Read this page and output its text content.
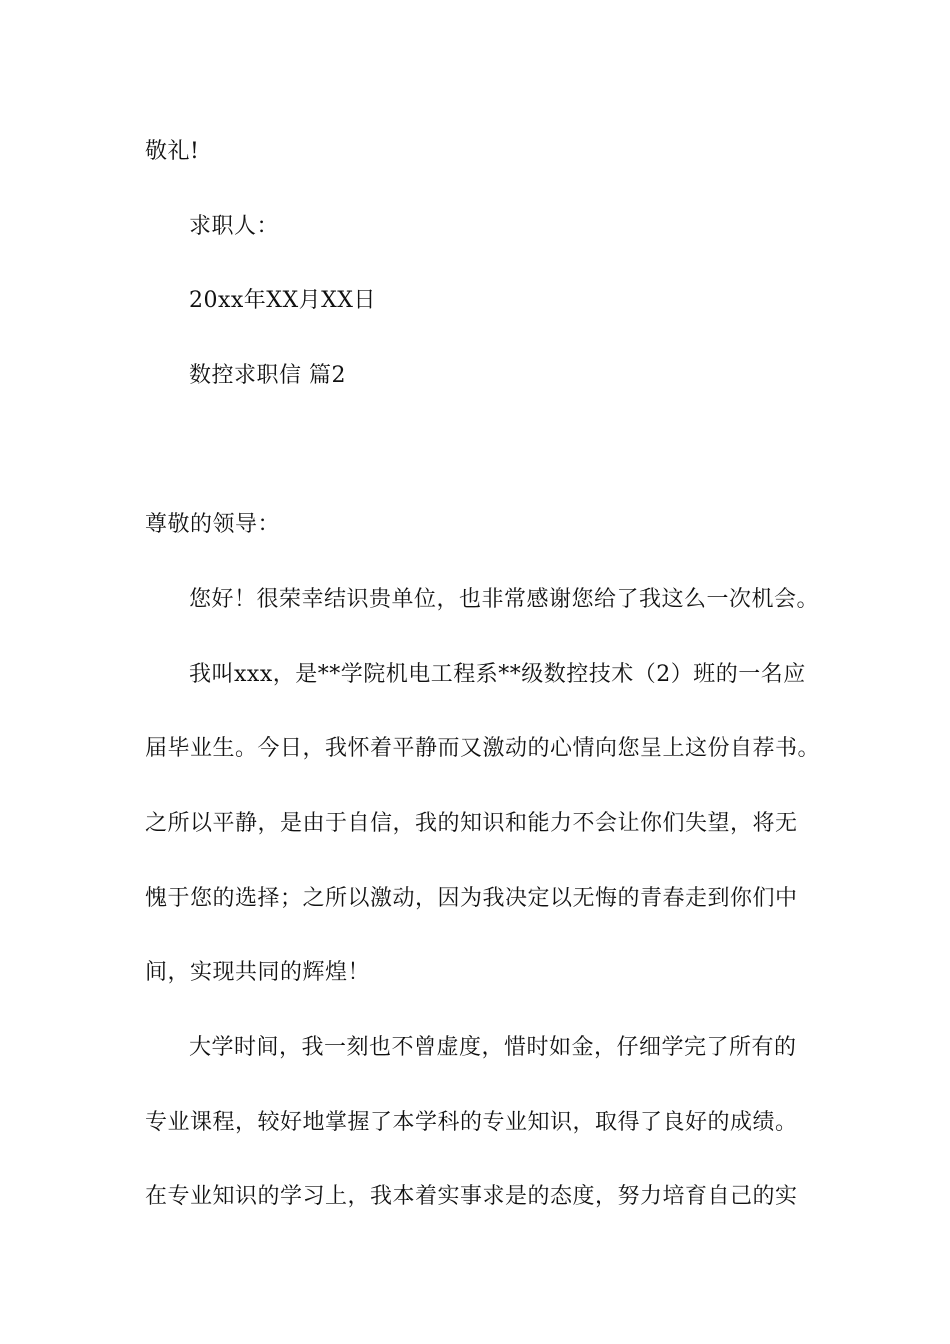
敬礼!
求职人：
20xx年XX月XX日
数控求职信 篇2
尊敬的领导：
您好！很荣幸结识贵单位，也非常感谢您给了我这么一次机会。
我叫xxx，是**学院机电工程系**级数控技术（2）班的一名应
届毕业生。今日，我怀着平静而又激动的心情向您呈上这份自荐书。
之所以平静，是由于自信，我的知识和能力不会让你们失望，将无
愧于您的选择；之所以激动，因为我决定以无悔的青春走到你们中
间，实现共同的辉煌！
大学时间，我一刻也不曾虚度，惜时如金，仔细学完了所有的
专业课程，较好地掌握了本学科的专业知识，取得了良好的成绩。
在专业知识的学习上，我本着实事求是的态度，努力培育自己的实
